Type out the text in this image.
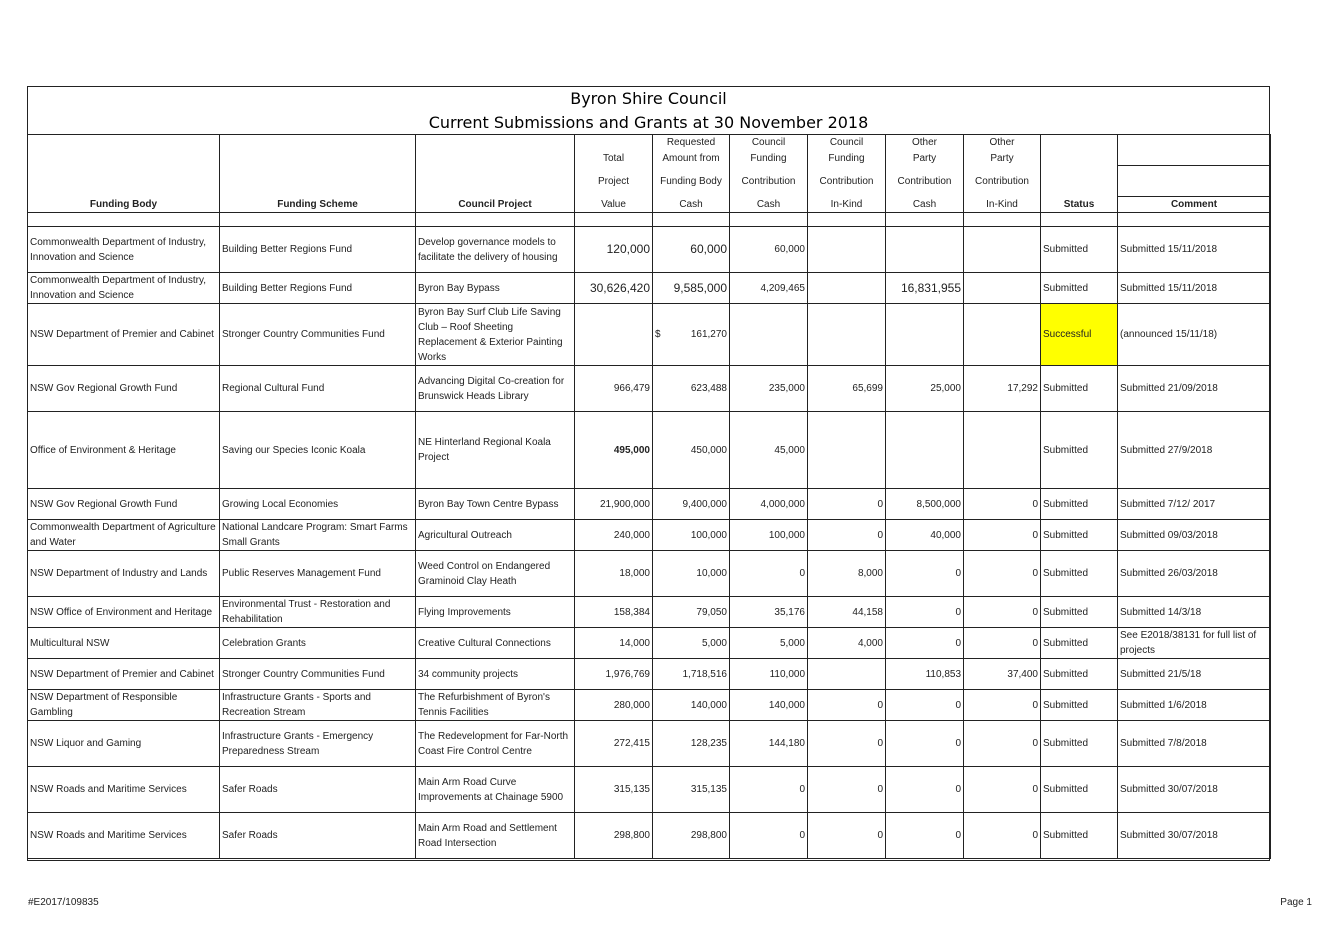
Byron Shire Council
Current Submissions and Grants at 30 November 2018
			Total	Requested	Council	Council	Other	Other		
				Amount from	Funding	Funding	Party	Party		
			Project	Funding Body	Contribution	Contribution	Contribution	Contribution		
Funding Body	Funding Scheme	Council Project	Value	Cash	Cash	In-Kind	Cash	In-Kind	Status	Comment

Commonwealth Department of Industry, Innovation and Science	Building Better Regions Fund	Develop governance models to facilitate the delivery of housing	120,000	60,000	60,000				Submitted	Submitted 15/11/2018
Commonwealth Department of Industry, Innovation and Science	Building Better Regions Fund	Byron Bay Bypass	30,626,420	9,585,000	4,209,465		16,831,955		Submitted	Submitted 15/11/2018
NSW Department of Premier and Cabinet	Stronger Country Communities Fund	Byron Bay Surf Club Life Saving Club – Roof Sheeting Replacement & Exterior Painting Works		$ 161,270					Successful	(announced 15/11/18)
NSW Gov Regional Growth Fund	Regional Cultural Fund	Advancing Digital Co-creation for Brunswick Heads Library	966,479	623,488	235,000	65,699	25,000	17,292	Submitted	Submitted 21/09/2018
Office of Environment & Heritage	Saving our Species Iconic Koala	NE Hinterland Regional Koala Project	495,000	450,000	45,000				Submitted	Submitted 27/9/2018
NSW Gov Regional Growth Fund	Growing Local Economies	Byron Bay Town Centre Bypass	21,900,000	9,400,000	4,000,000	0	8,500,000	0	Submitted	Submitted 7/12/ 2017
Commonwealth Department of Agriculture and Water	National Landcare Program: Smart Farms Small Grants	Agricultural Outreach	240,000	100,000	100,000	0	40,000	0	Submitted	Submitted 09/03/2018
NSW Department of Industry and Lands	Public Reserves Management Fund	Weed Control on Endangered Graminoid Clay Heath	18,000	10,000	0	8,000	0	0	Submitted	Submitted 26/03/2018
NSW Office of Environment and Heritage	Environmental Trust - Restoration and Rehabilitation	Flying Improvements	158,384	79,050	35,176	44,158	0	0	Submitted	Submitted 14/3/18
Multicultural NSW	Celebration Grants	Creative Cultural Connections	14,000	5,000	5,000	4,000	0	0	Submitted	See E2018/38131 for full list of projects
NSW Department of Premier and Cabinet	Stronger Country Communities Fund	34 community projects	1,976,769	1,718,516	110,000		110,853	37,400	Submitted	Submitted 21/5/18
NSW Department of Responsible Gambling	Infrastructure Grants - Sports and Recreation Stream	The Refurbishment of Byron's Tennis Facilities	280,000	140,000	140,000	0	0	0	Submitted	Submitted 1/6/2018
NSW Liquor and Gaming	Infrastructure Grants - Emergency Preparedness Stream	The Redevelopment for Far-North Coast Fire Control Centre	272,415	128,235	144,180	0	0	0	Submitted	Submitted 7/8/2018
NSW Roads and Maritime Services	Safer Roads	Main Arm Road Curve Improvements at Chainage 5900	315,135	315,135	0	0	0	0	Submitted	Submitted 30/07/2018
NSW Roads and Maritime Services	Safer Roads	Main Arm Road and Settlement Road Intersection	298,800	298,800	0	0	0	0	Submitted	Submitted 30/07/2018
#E2017/109835	Page 1
